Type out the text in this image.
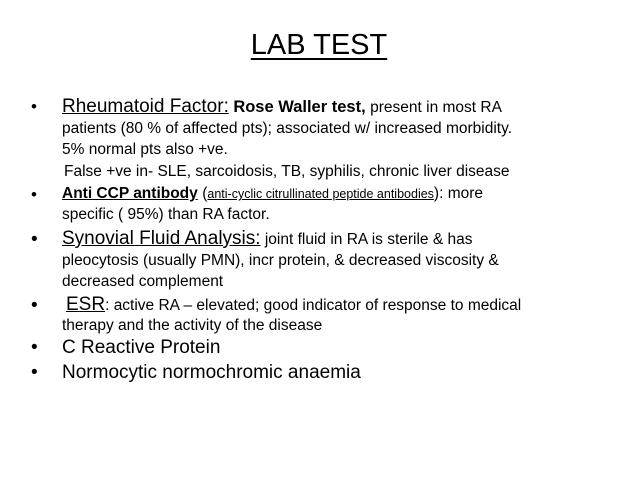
LAB TEST
• Rheumatoid Factor: Rose Waller test, present in most RA
patients (80 % of affected pts); associated w/ increased morbidity.
5% normal pts also +ve.
False +ve in- SLE, sarcoidosis, TB, syphilis, chronic liver disease
• Anti CCP antibody (anti-cyclic citrullinated peptide antibodies): more
specific ( 95%) than RA factor.
• Synovial Fluid Analysis: joint fluid in RA is sterile & has
pleocytosis (usually PMN), incr protein, & decreased viscosity &
decreased complement
• ESR: active RA – elevated; good indicator of response to medical
therapy and the activity of the disease
• C Reactive Protein
• Normocytic normochromic anaemia
